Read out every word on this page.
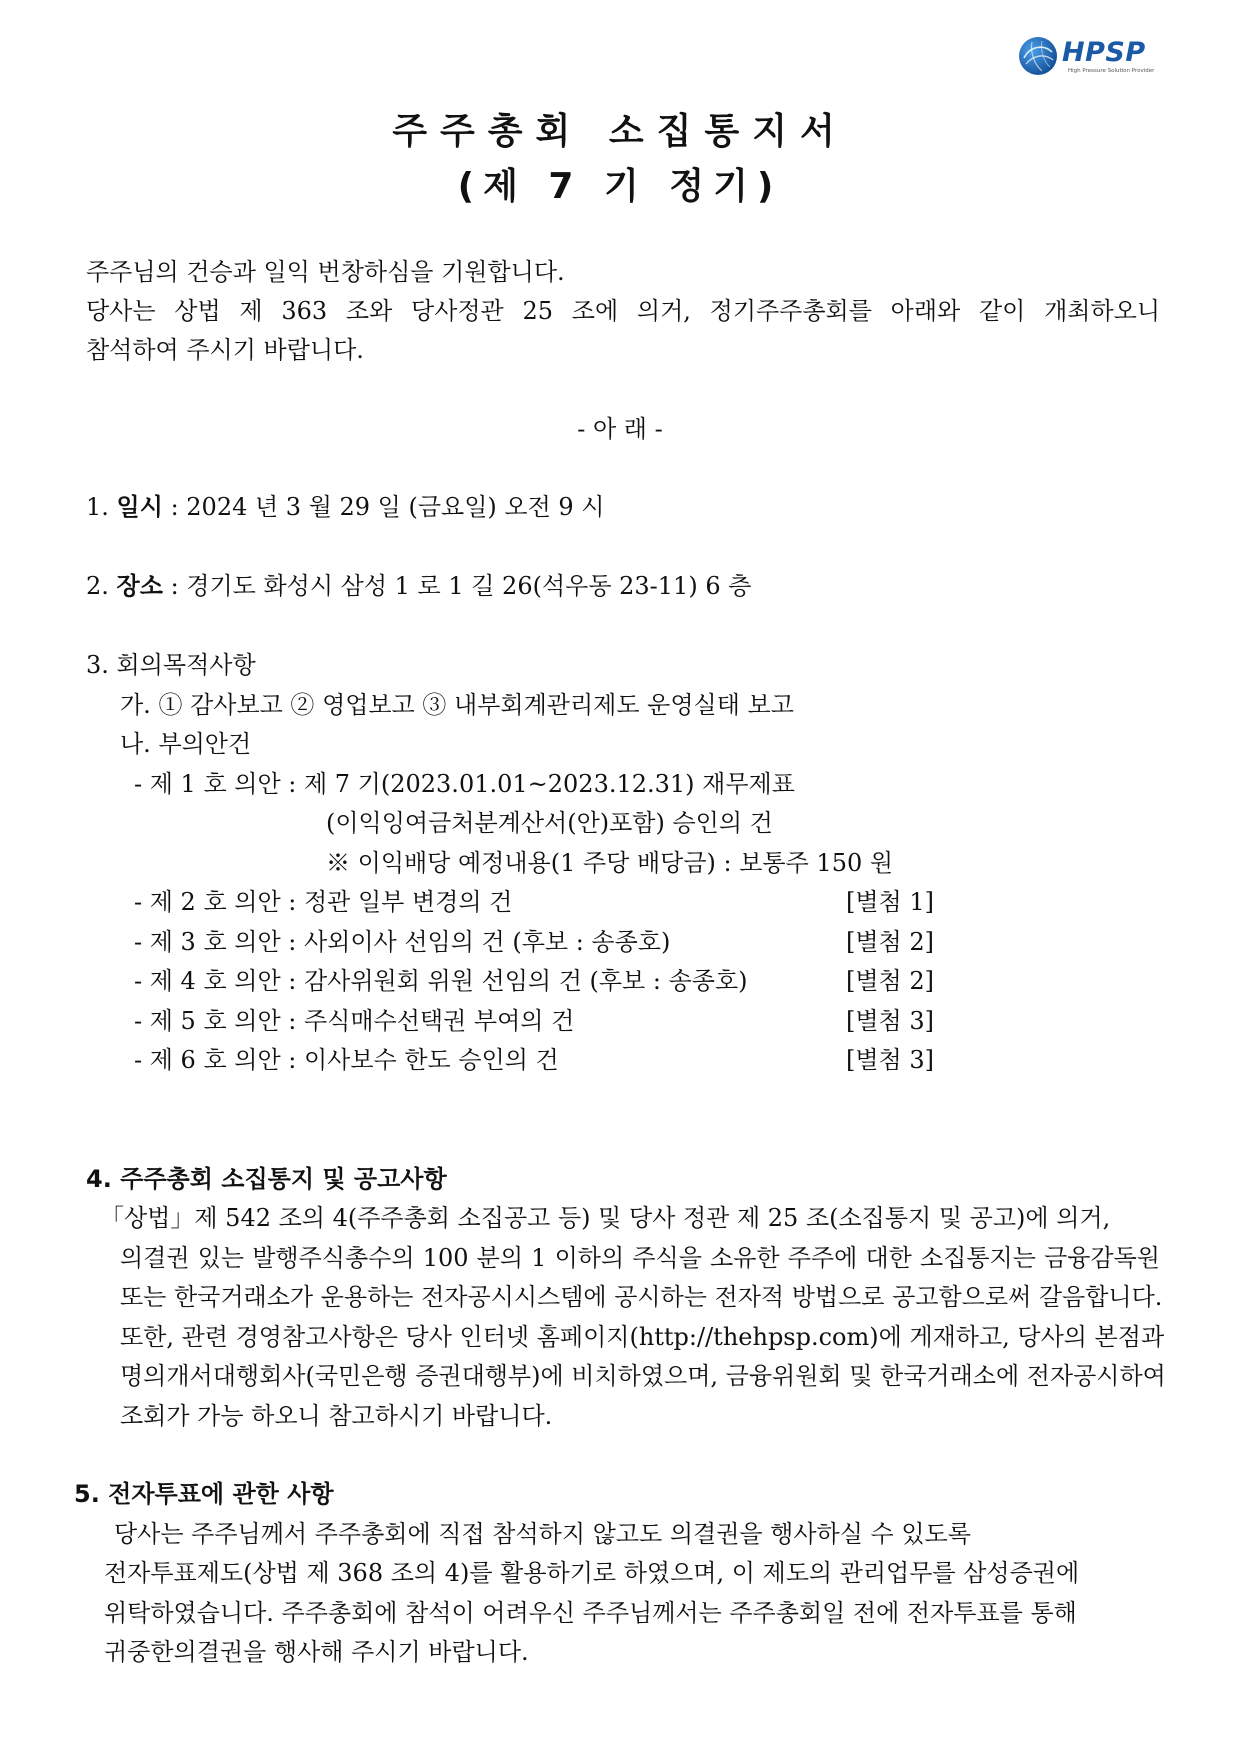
HPSP
High Pressure Solution Provider
주주총회 소집통지서
(제 7 기 정기)
주주님의 건승과 일익 번창하심을 기원합니다.
당사는 상법 제 363 조와 당사정관 25 조에 의거, 정기주주총회를 아래와 같이 개최하오니
참석하여 주시기 바랍니다.
- 아 래 -
1. 일시 : 2024 년 3 월 29 일 (금요일) 오전 9 시
2. 장소 : 경기도 화성시 삼성 1 로 1 길 26(석우동 23-11) 6 층
3. 회의목적사항
가. ① 감사보고 ② 영업보고 ③ 내부회계관리제도 운영실태 보고
나. 부의안건
- 제 1 호 의안 : 제 7 기(2023.01.01~2023.12.31) 재무제표
(이익잉여금처분계산서(안)포함) 승인의 건
※ 이익배당 예정내용(1 주당 배당금) : 보통주 150 원
- 제 2 호 의안 : 정관 일부 변경의 건	[별첨 1]
- 제 3 호 의안 : 사외이사 선임의 건 (후보 : 송종호)	[별첨 2]
- 제 4 호 의안 : 감사위원회 위원 선임의 건 (후보 : 송종호)	[별첨 2]
- 제 5 호 의안 : 주식매수선택권 부여의 건	[별첨 3]
- 제 6 호 의안 : 이사보수 한도 승인의 건	[별첨 3]
4. 주주총회 소집통지 및 공고사항
「상법」제 542 조의 4(주주총회 소집공고 등) 및 당사 정관 제 25 조(소집통지 및 공고)에 의거,
의결권 있는 발행주식총수의 100 분의 1 이하의 주식을 소유한 주주에 대한 소집통지는 금융감독원
또는 한국거래소가 운용하는 전자공시시스템에 공시하는 전자적 방법으로 공고함으로써 갈음합니다.
또한, 관련 경영참고사항은 당사 인터넷 홈페이지(http://thehpsp.com)에 게재하고, 당사의 본점과
명의개서대행회사(국민은행 증권대행부)에 비치하였으며, 금융위원회 및 한국거래소에 전자공시하여
조회가 가능 하오니 참고하시기 바랍니다.
5. 전자투표에 관한 사항
당사는 주주님께서 주주총회에 직접 참석하지 않고도 의결권을 행사하실 수 있도록
전자투표제도(상법 제 368 조의 4)를 활용하기로 하였으며, 이 제도의 관리업무를 삼성증권에
위탁하였습니다. 주주총회에 참석이 어려우신 주주님께서는 주주총회일 전에 전자투표를 통해
귀중한의결권을 행사해 주시기 바랍니다.
